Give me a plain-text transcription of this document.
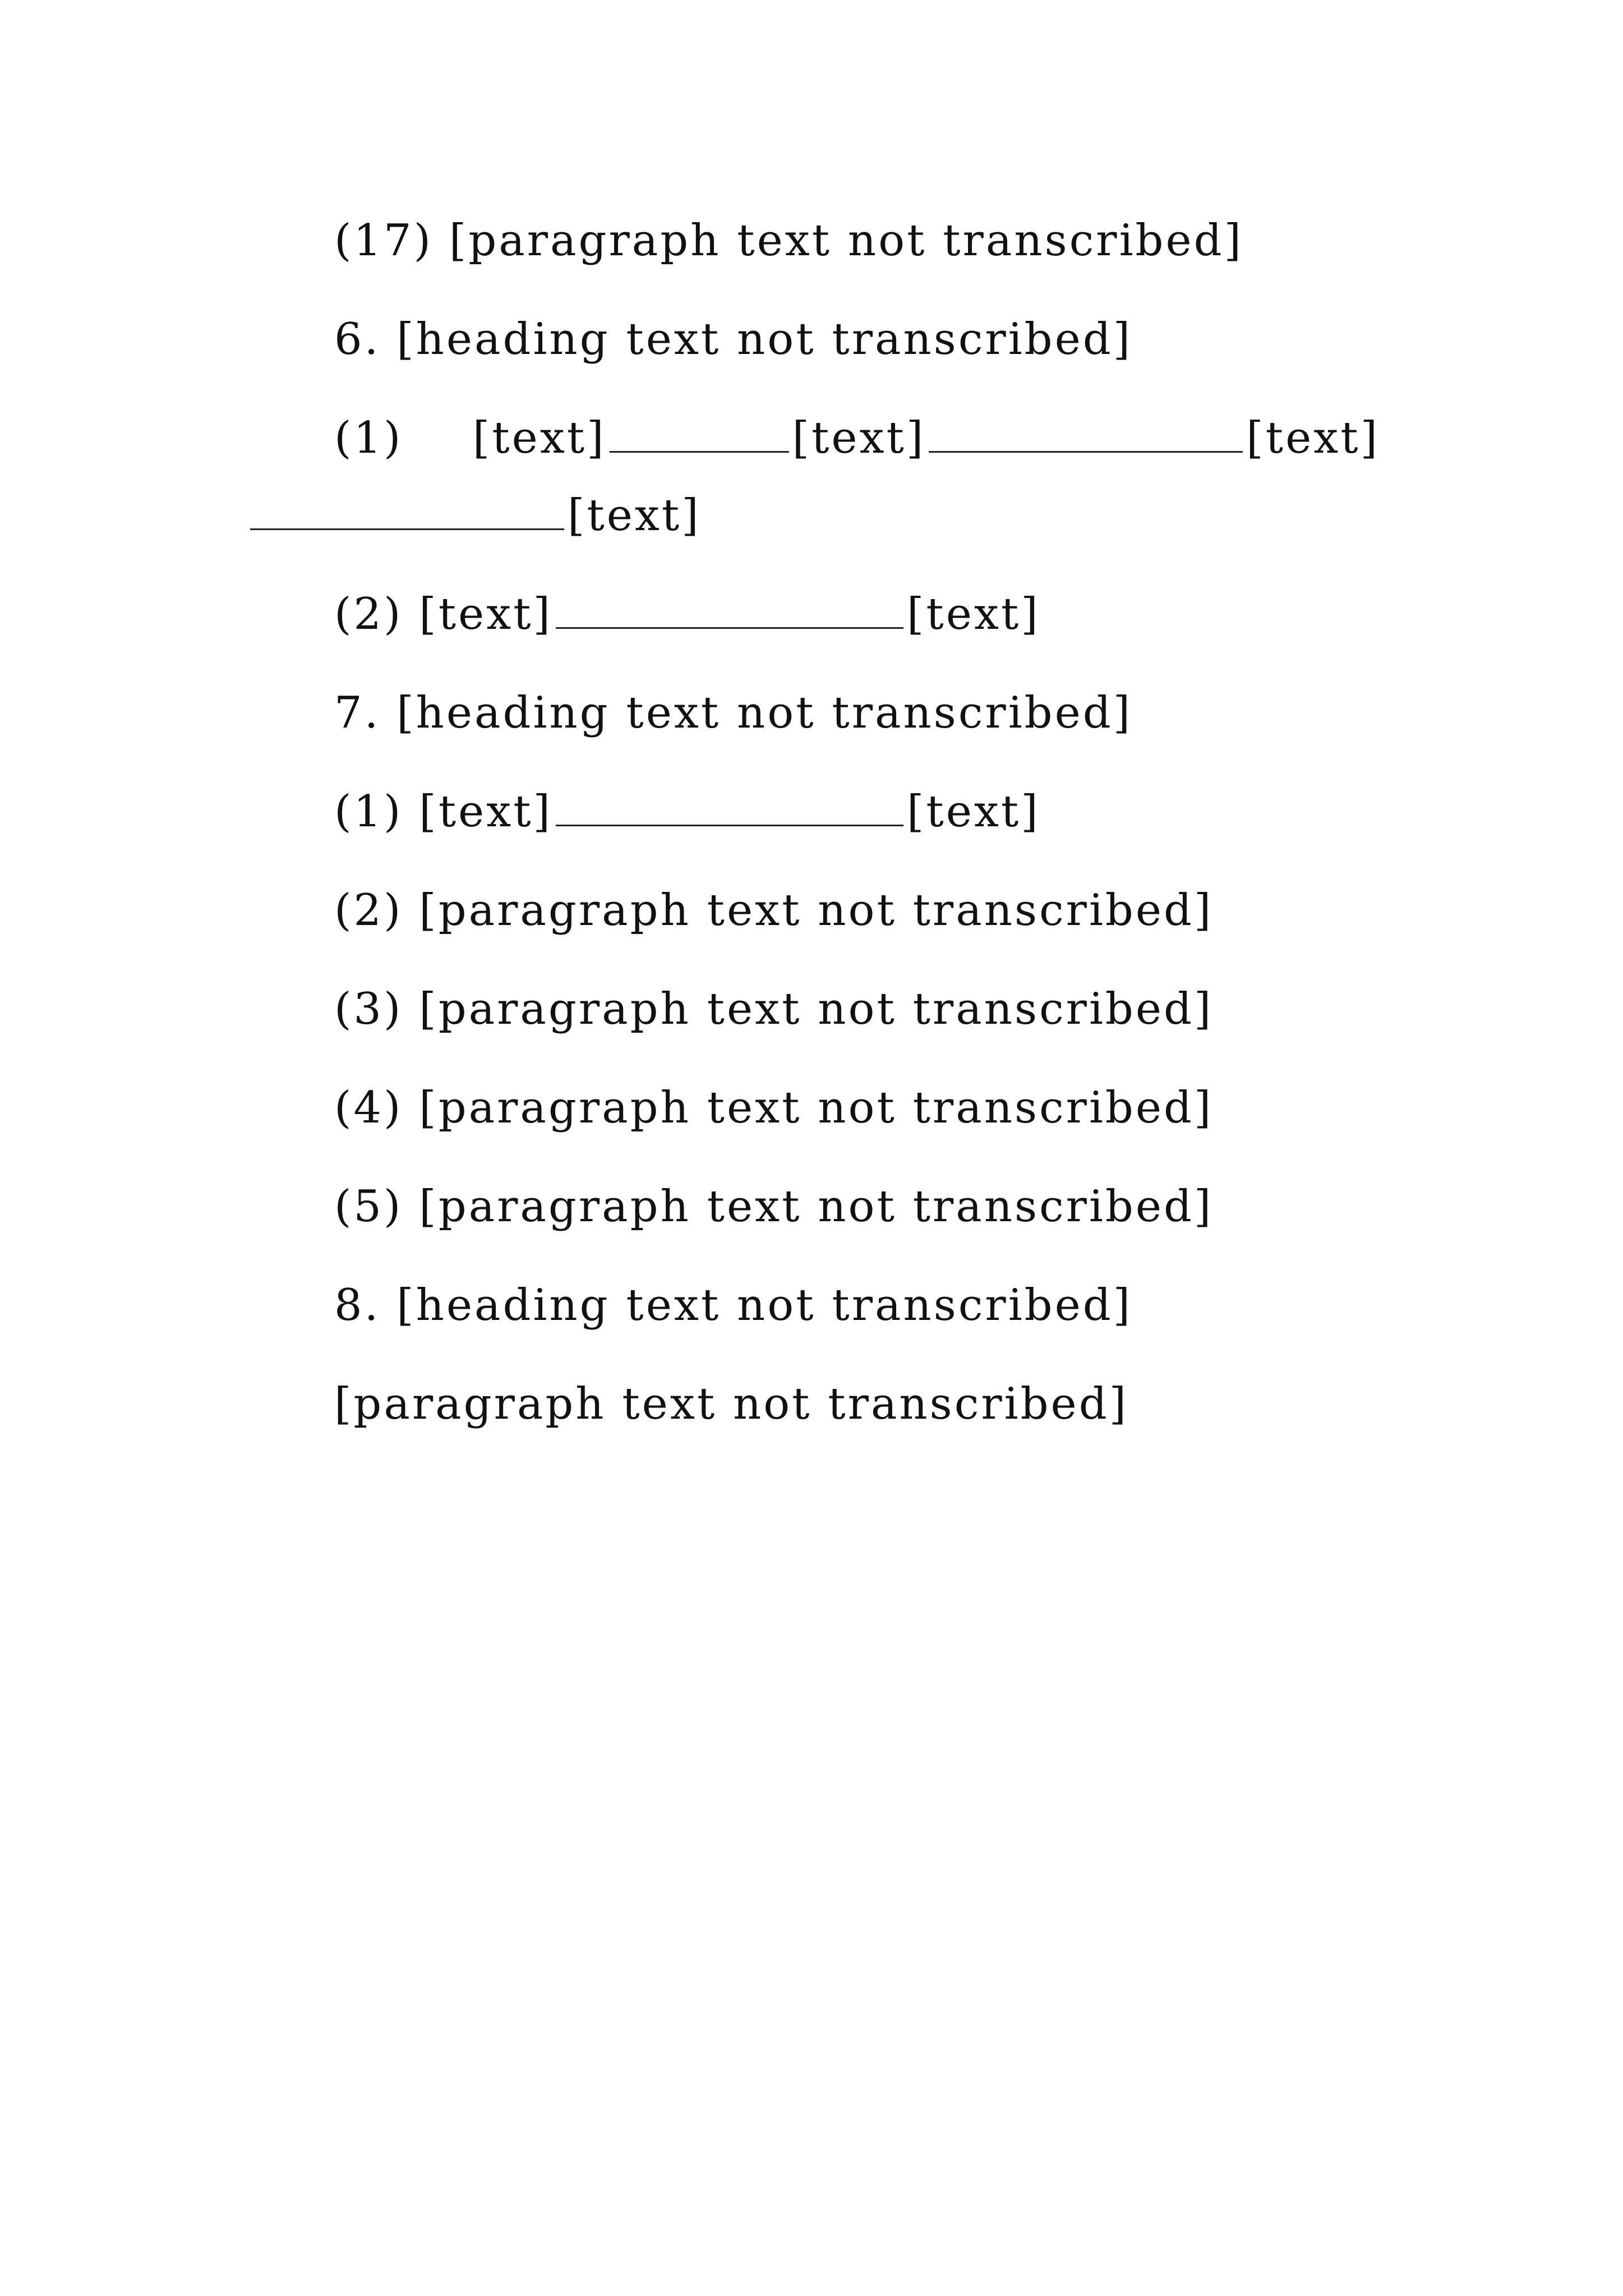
(17) [paragraph text not transcribed]

6. [heading text not transcribed]

(1) [text]	[text]	[text][text]

(2) [text]	[text]

7. [heading text not transcribed]

(1) [text]	[text]

(2) [paragraph text not transcribed]

(3) [paragraph text not transcribed]

(4) [paragraph text not transcribed]

(5) [paragraph text not transcribed]

8. [heading text not transcribed]

[paragraph text not transcribed]
